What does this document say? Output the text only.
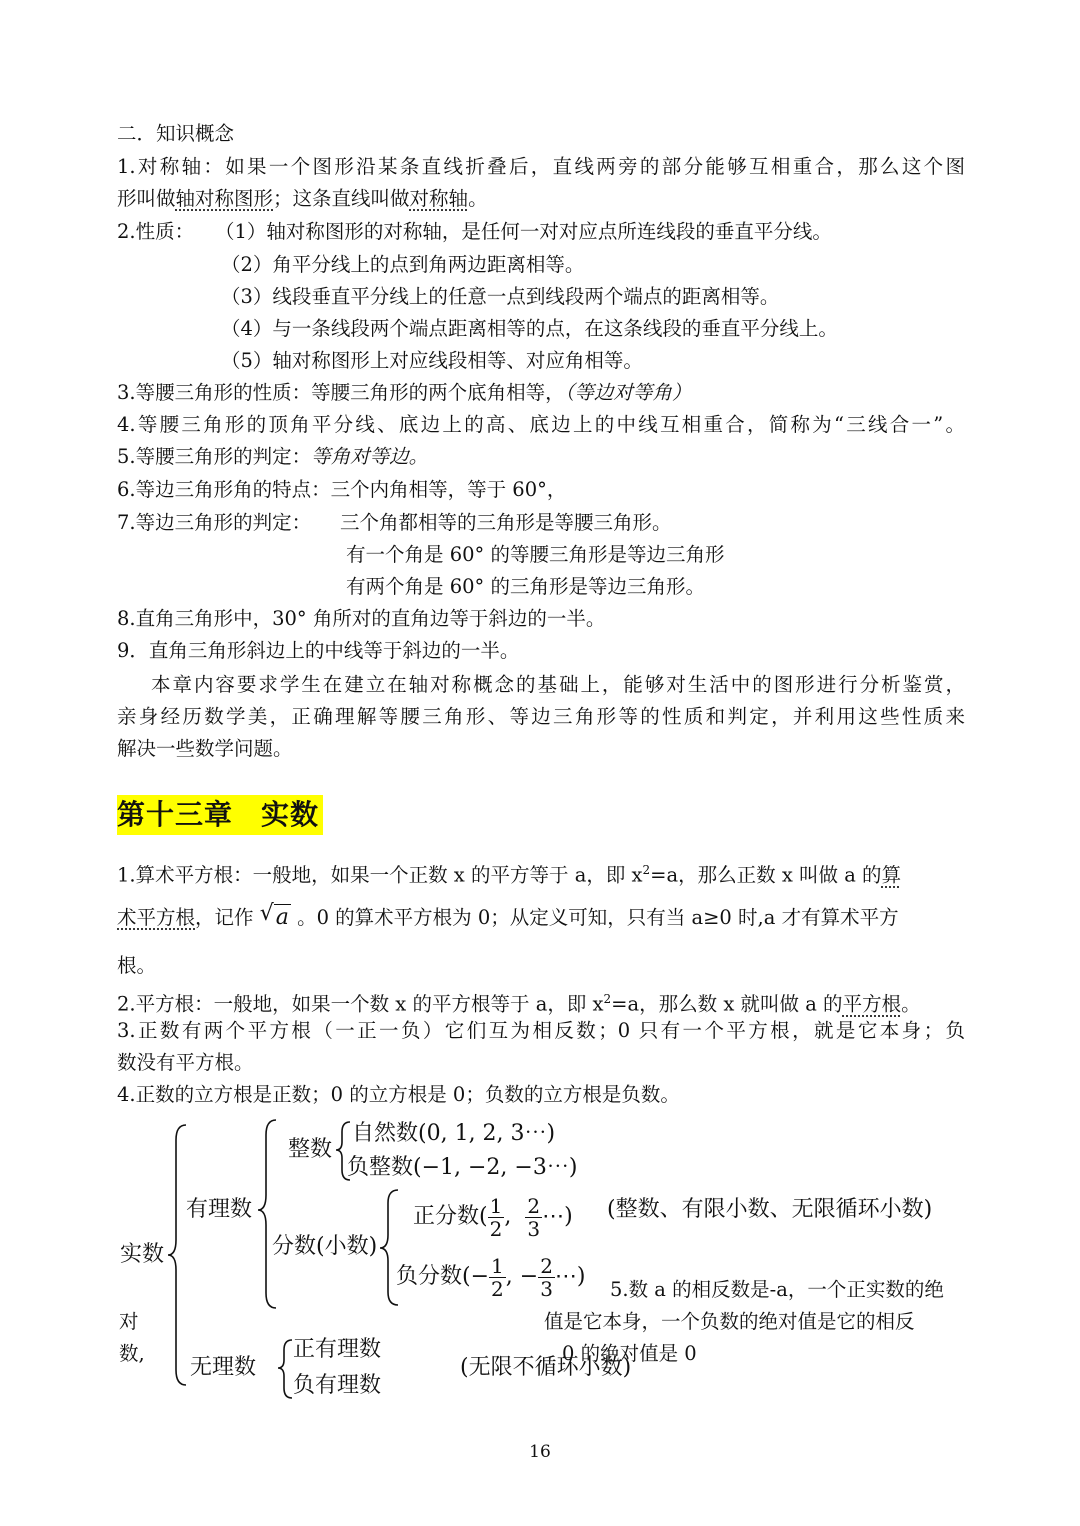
二．知识概念
1.对称轴：如果一个图形沿某条直线折叠后，直线两旁的部分能够互相重合，那么这个图
形叫做轴对称图形；这条直线叫做对称轴。
2.性质： （1）轴对称图形的对称轴，是任何一对对应点所连线段的垂直平分线。
（2）角平分线上的点到角两边距离相等。
（3）线段垂直平分线上的任意一点到线段两个端点的距离相等。
（4）与一条线段两个端点距离相等的点，在这条线段的垂直平分线上。
（5）轴对称图形上对应线段相等、对应角相等。
3.等腰三角形的性质：等腰三角形的两个底角相等，（等边对等角）
4.等腰三角形的顶角平分线、底边上的高、底边上的中线互相重合，简称为“三线合一”。
5.等腰三角形的判定：等角对等边。
6.等边三角形角的特点：三个内角相等，等于 60°，
7.等边三角形的判定： 三个角都相等的三角形是等腰三角形。
有一个角是 60° 的等腰三角形是等边三角形
有两个角是 60° 的三角形是等边三角形。
8.直角三角形中，30° 角所对的直角边等于斜边的一半。
9．直角三角形斜边上的中线等于斜边的一半。
本章内容要求学生在建立在轴对称概念的基础上，能够对生活中的图形进行分析鉴赏，
亲身经历数学美，正确理解等腰三角形、等边三角形等的性质和判定，并利用这些性质来
解决一些数学问题。
第十三章 实数
1.算术平方根：一般地，如果一个正数 x 的平方等于 a，即 $x^2=a$，那么正数 x 叫做 a 的算
术平方根，记作 √ a 。0 的算术平方根为 0；从定义可知，只有当 a≥0 时,a 才有算术平方
根。
2.平方根：一般地，如果一个数 x 的平方根等于 a，即 $x^2=a$，那么数 x 就叫做 a 的平方根。
3.正数有两个平方根（一正一负）它们互为相反数；0 只有一个平方根，就是它本身；负
数没有平方根。
4.正数的立方根是正数；0 的立方根是 0；负数的立方根是负数。
实数
有理数
整数
自然数(0, 1, 2, 3⋯)
负整数(−1, −2, −3⋯)
分数(小数)
正分数( $\frac{1}{2}$ , $\frac{2}{3}$ ⋯) (整数、有限小数、无限循环小数)
负分数(− $\frac{1}{2}$ , − $\frac{2}{3}$ ⋯)
5.数 a 的相反数是-a，一个正实数的绝
值是它本身，一个负数的绝对值是它的相反
0 的绝对值是 0
对
数,
无理数
正有理数
负有理数
(无限不循环小数)
16
